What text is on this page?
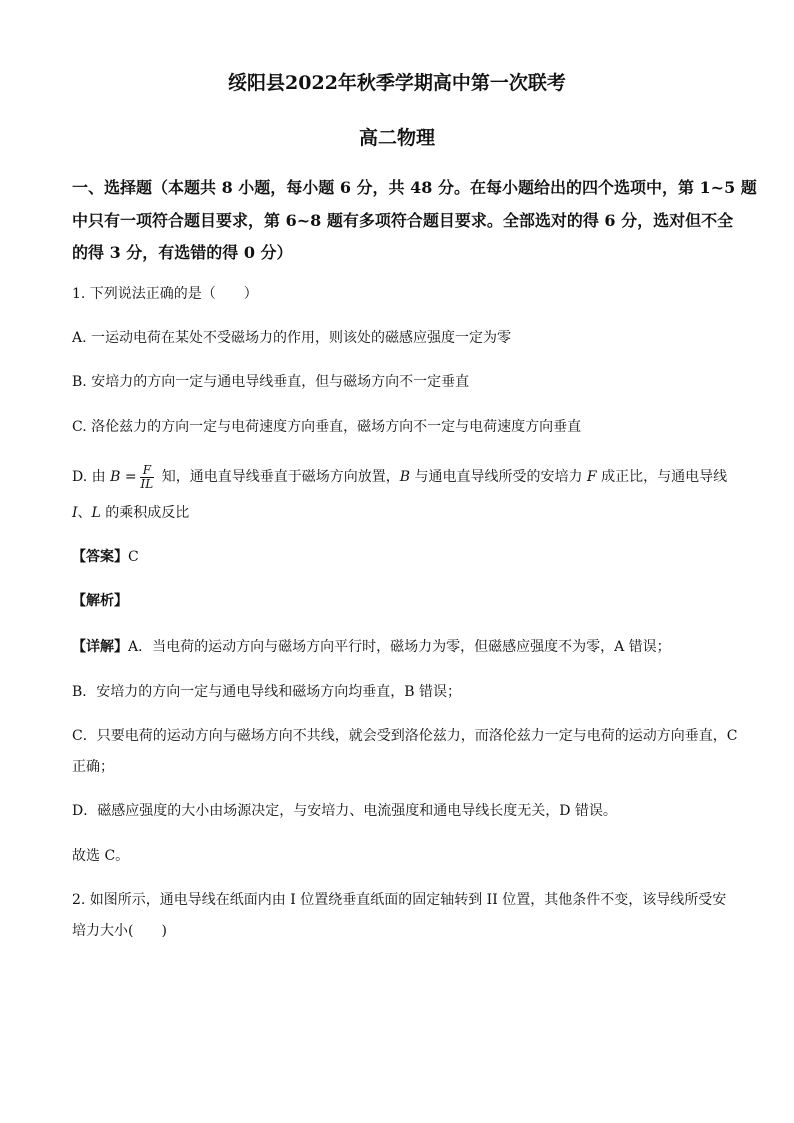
绥阳县2022年秋季学期高中第一次联考
高二物理
一、选择题（本题共 8 小题，每小题 6 分，共 48 分。在每小题给出的四个选项中，第 1~5 题
中只有一项符合题目要求，第 6~8 题有多项符合题目要求。全部选对的得 6 分，选对但不全
的得 3 分，有选错的得 0 分）
1. 下列说法正确的是（　　）
A. 一运动电荷在某处不受磁场力的作用，则该处的磁感应强度一定为零
B. 安培力的方向一定与通电导线垂直，但与磁场方向不一定垂直
C. 洛伦兹力的方向一定与电荷速度方向垂直，磁场方向不一定与电荷速度方向垂直
D. 由 $B = \frac{F}{IL}$ 知，通电直导线垂直于磁场方向放置，B 与通电直导线所受的安培力 F 成正比，与通电导线
I、L 的乘积成反比
【答案】C
【解析】
【详解】A．当电荷的运动方向与磁场方向平行时，磁场力为零，但磁感应强度不为零，A 错误；
B．安培力的方向一定与通电导线和磁场方向均垂直，B 错误；
C．只要电荷的运动方向与磁场方向不共线，就会受到洛伦兹力，而洛伦兹力一定与电荷的运动方向垂直，C
正确；
D．磁感应强度的大小由场源决定，与安培力、电流强度和通电导线长度无关，D 错误。
故选 C。
2. 如图所示，通电导线在纸面内由 I 位置绕垂直纸面的固定轴转到 II 位置，其他条件不变，该导线所受安
培力大小(　　)
